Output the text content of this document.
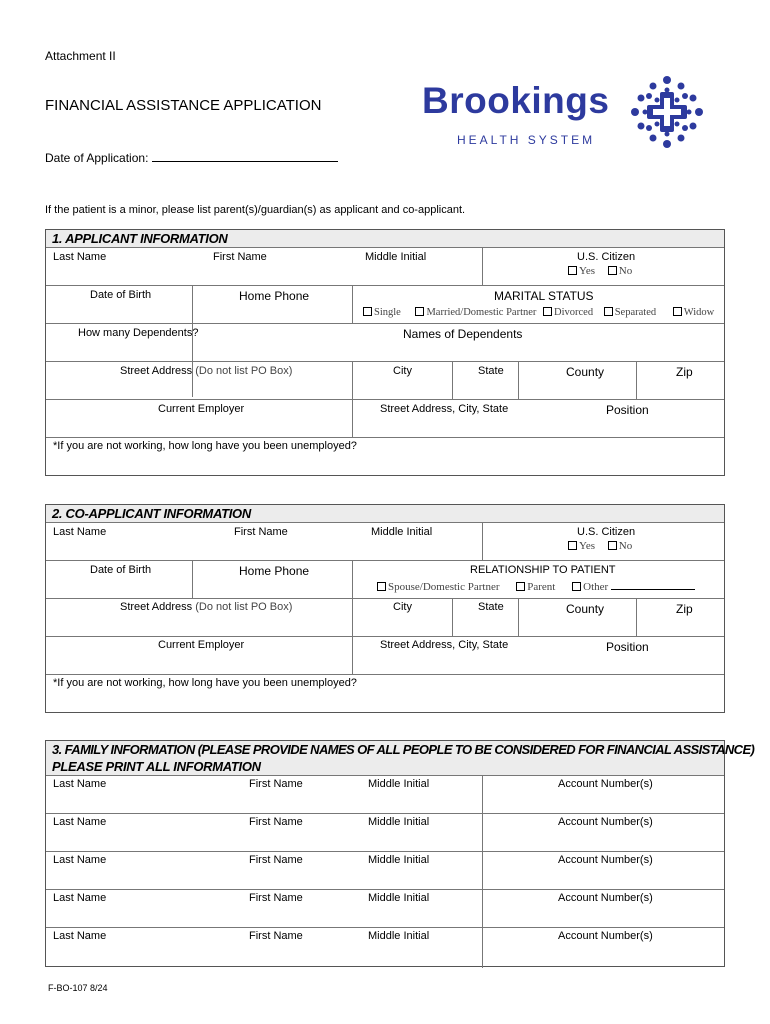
Attachment II
FINANCIAL ASSISTANCE APPLICATION
Date of Application:
If the patient is a minor, please list parent(s)/guardian(s) as applicant and co-applicant.
Brookings
HEALTH SYSTEM
1. APPLICANT INFORMATION
Last Name	First Name	Middle Initial	U.S. Citizen
Yes No
Date of Birth	Home Phone	MARITAL STATUS
Single Married/Domestic Partner Divorced Separated	Widow
How many Dependents?	Names of Dependents
Street Address (Do not list PO Box)	City	State	County	Zip
Current Employer	Street Address, City, State	Position
*If you are not working, how long have you been unemployed?
2. CO-APPLICANT INFORMATION
Last Name	First Name	Middle Initial	U.S. Citizen
Yes No
Date of Birth	Home Phone	RELATIONSHIP TO PATIENT
Spouse/Domestic Partner	Parent	Other
Street Address (Do not list PO Box)	City	State	County	Zip
Current Employer	Street Address, City, State	Position
*If you are not working, how long have you been unemployed?
3. FAMILY INFORMATION (PLEASE PROVIDE NAMES OF ALL PEOPLE TO BE CONSIDERED FOR FINANCIAL ASSISTANCE)
PLEASE PRINT ALL INFORMATION
Last Name	First Name	Middle Initial	Account Number(s)
Last Name	First Name	Middle Initial	Account Number(s)
Last Name	First Name	Middle Initial	Account Number(s)
Last Name	First Name	Middle Initial	Account Number(s)
Last Name	First Name	Middle Initial	Account Number(s)
F-BO-107 8/24
